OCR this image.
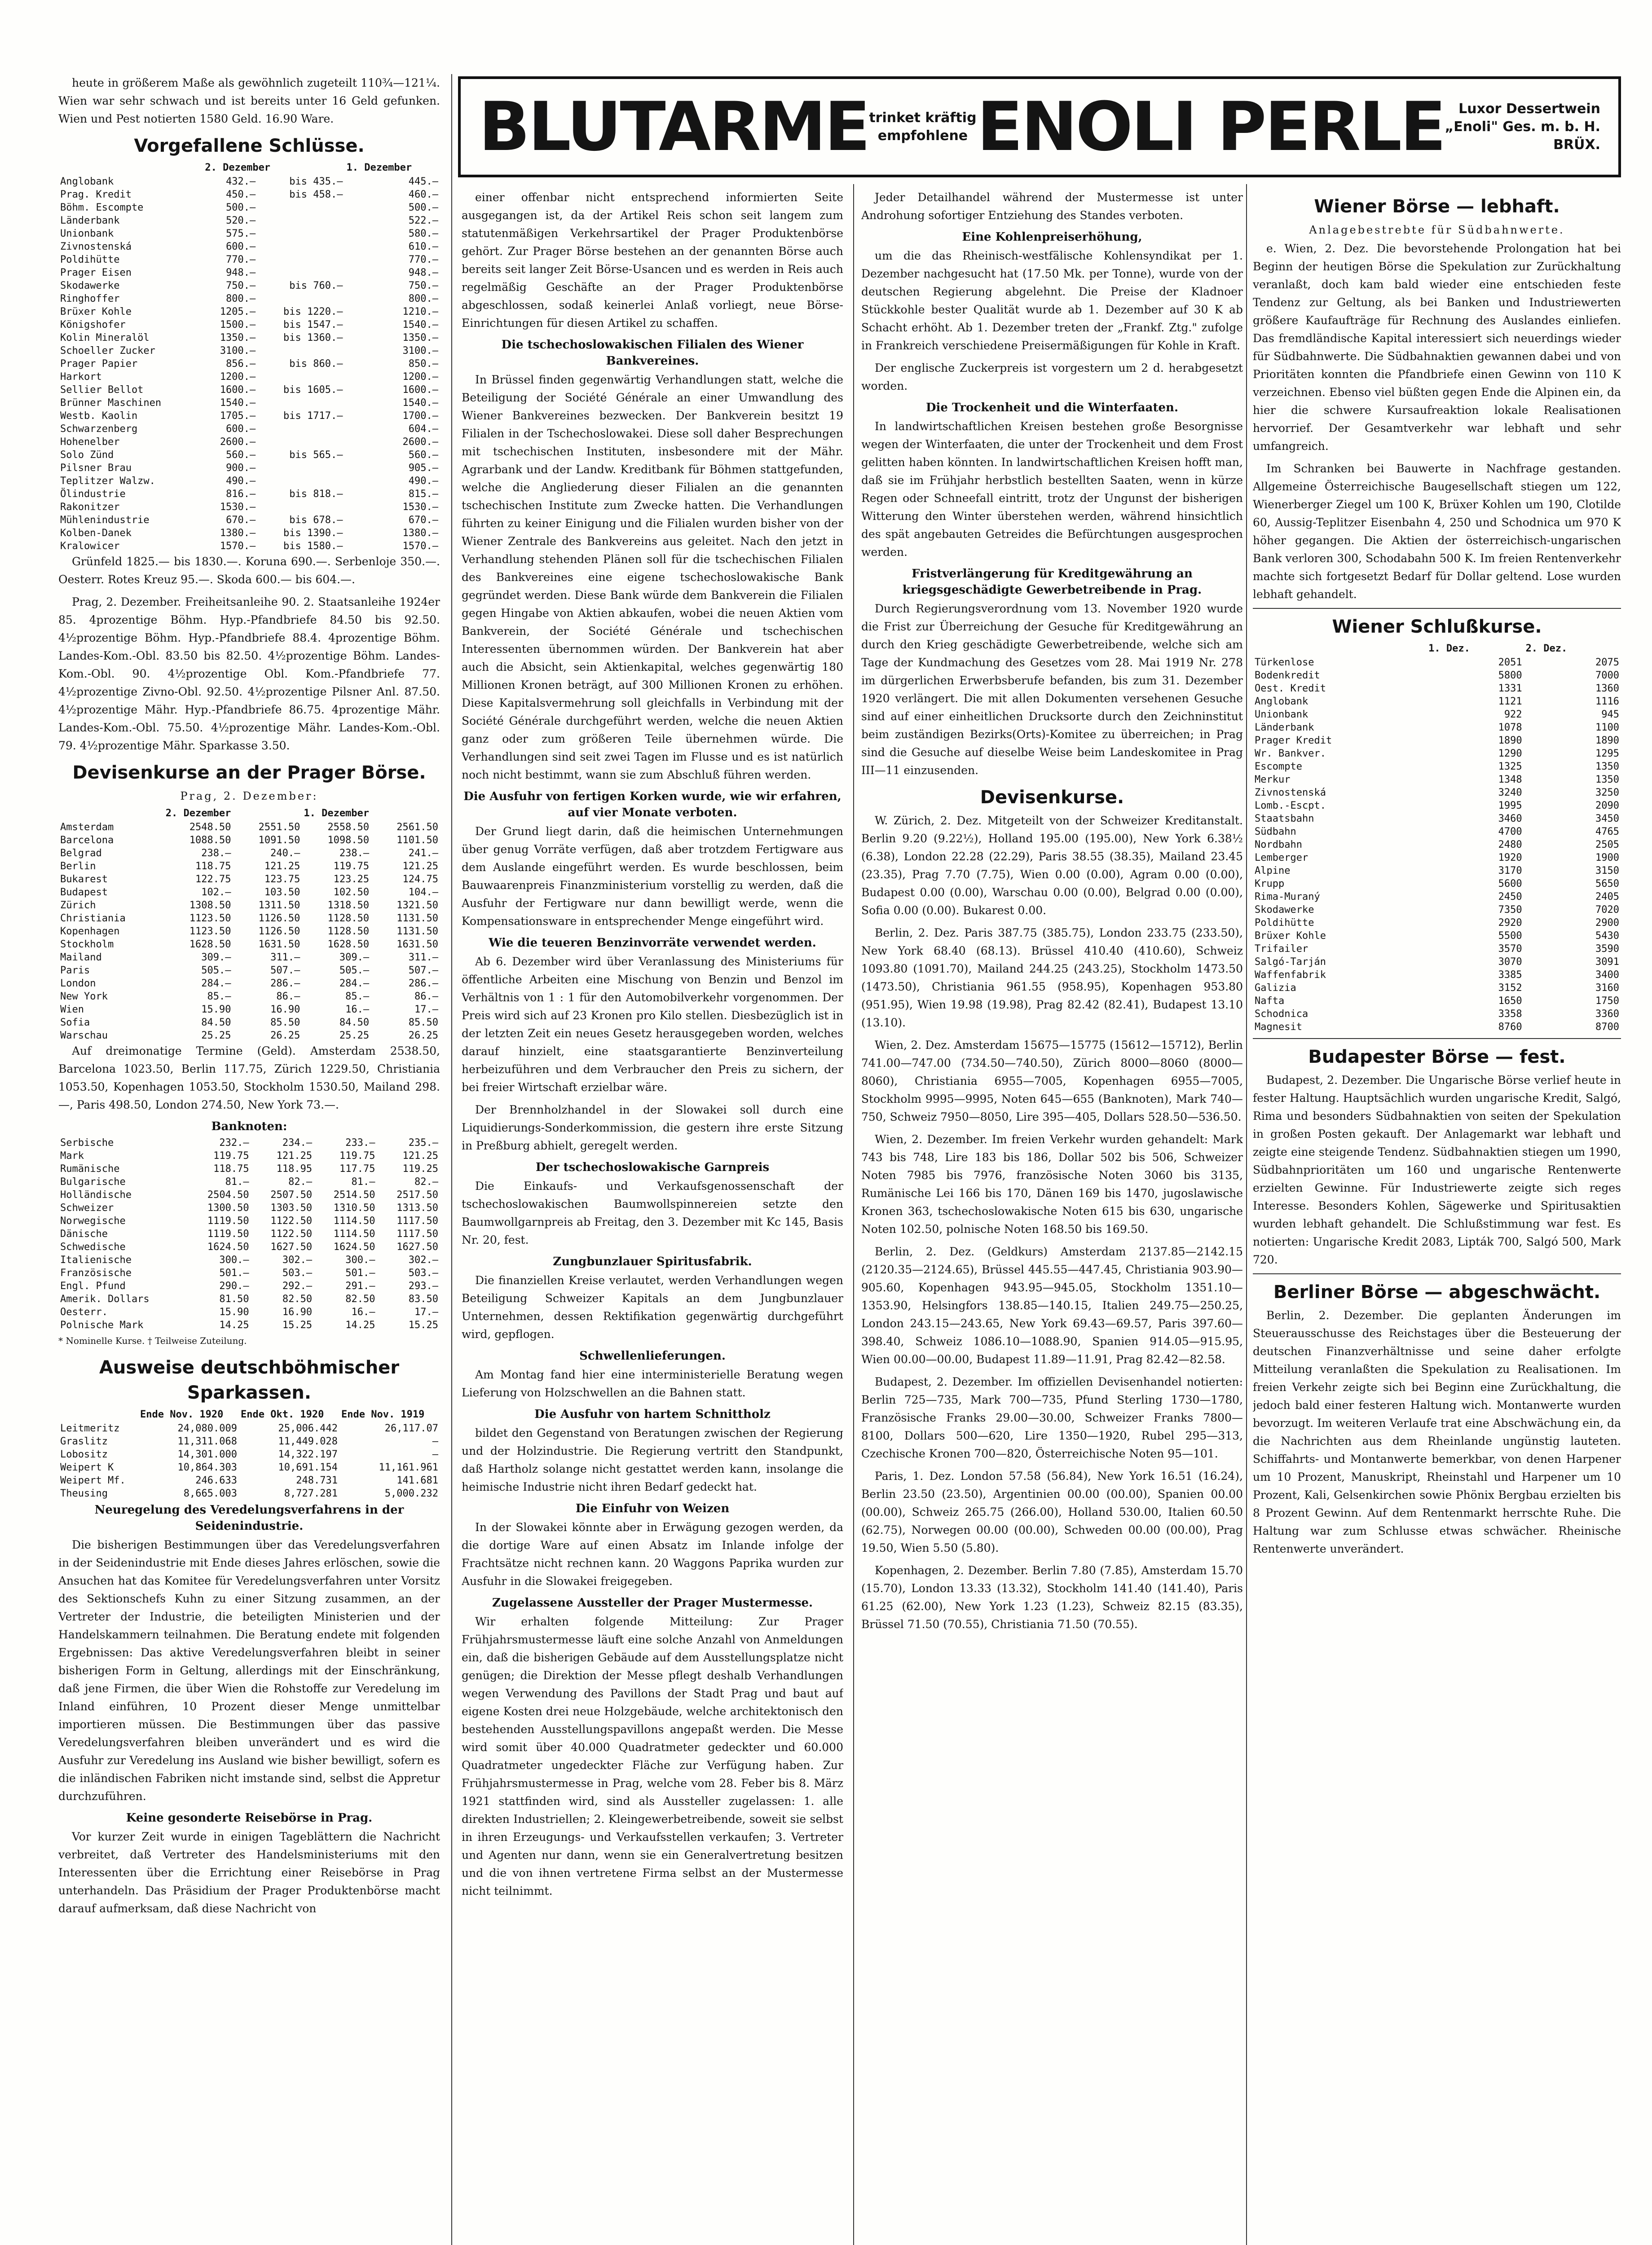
BLUTARME trinket kräftig
empfohlene ENOLI PERLE	Luxor Dessertwein
„Enoli" Ges. m. b. H.
BRÜX.

heute in größerem Maße als gewöhnlich zugeteilt 110¾—121¼. Wien war sehr schwach und ist bereits unter 16 Geld gefunken. Wien und Pest notierten 1580 Geld. 16.90 Ware.

Vorgefallene Schlüsse.
	2. Dezember		1. Dezember
Anglobank	432.—	bis 435.—	445.—
Prag. Kredit	450.—	bis 458.—	460.—
Böhm. Escompte	500.—		500.—
Länderbank	520.—		522.—
Unionbank	575.—		580.—
Zivnostenská	600.—		610.—
Poldihütte	770.—		770.—
Prager Eisen	948.—		948.—
Skodawerke	750.—	bis 760.—	750.—
Ringhoffer	800.—		800.—
Brüxer Kohle	1205.—	bis 1220.—	1210.—
Königshofer	1500.—	bis 1547.—	1540.—
Kolin Mineralöl	1350.—	bis 1360.—	1350.—
Schoeller Zucker	3100.—		3100.—
Prager Papier	856.—	bis 860.—	850.—
Harkort	1200.—		1200.—
Sellier Bellot	1600.—	bis 1605.—	1600.—
Brünner Maschinen	1540.—		1540.—
Westb. Kaolin	1705.—	bis 1717.—	1700.—
Schwarzenberg	600.—		604.—
Hohenelber	2600.—		2600.—
Solo Zünd	560.—	bis 565.—	560.—
Pilsner Brau	900.—		905.—
Teplitzer Walzw.	490.—		490.—
Ölindustrie	816.—	bis 818.—	815.—
Rakonitzer	1530.—		1530.—
Mühlenindustrie	670.—	bis 678.—	670.—
Kolben-Danek	1380.—	bis 1390.—	1380.—
Kralowicer	1570.—	bis 1580.—	1570.—

Grünfeld 1825.— bis 1830.—. Koruna 690.—. Serbenloje 350.—. Oesterr. Rotes Kreuz 95.—. Skoda 600.— bis 604.—.

Prag, 2. Dezember. Freiheitsanleihe 90. 2. Staatsanleihe 1924er 85. 4prozentige Böhm. Hyp.-Pfandbriefe 84.50 bis 92.50. 4½prozentige Böhm. Hyp.-Pfandbriefe 88.4. 4prozentige Böhm. Landes-Kom.-Obl. 83.50 bis 82.50. 4½prozentige Böhm. Landes-Kom.-Obl. 90. 4½prozentige Obl. Kom.-Pfandbriefe 77. 4½prozentige Zivno-Obl. 92.50. 4½prozentige Pilsner Anl. 87.50. 4½prozentige Mähr. Hyp.-Pfandbriefe 86.75. 4prozentige Mähr. Landes-Kom.-Obl. 75.50. 4½prozentige Mähr. Landes-Kom.-Obl. 79. 4½prozentige Mähr. Sparkasse 3.50.

Devisenkurse an der Prager Börse.
Prag, 2. Dezember:
	2. Dezember		1. Dezember	
Amsterdam	2548.50	2551.50	2558.50	2561.50
Barcelona	1088.50	1091.50	1098.50	1101.50
Belgrad	238.—	240.—	238.—	241.—
Berlin	118.75	121.25	119.75	121.25
Bukarest	122.75	123.75	123.25	124.75
Budapest	102.—	103.50	102.50	104.—
Zürich	1308.50	1311.50	1318.50	1321.50
Christiania	1123.50	1126.50	1128.50	1131.50
Kopenhagen	1123.50	1126.50	1128.50	1131.50
Stockholm	1628.50	1631.50	1628.50	1631.50
Mailand	309.—	311.—	309.—	311.—
Paris	505.—	507.—	505.—	507.—
London	284.—	286.—	284.—	286.—
New York	85.—	86.—	85.—	86.—
Wien	15.90	16.90	16.—	17.—
Sofia	84.50	85.50	84.50	85.50
Warschau	25.25	26.25	25.25	26.25

Auf dreimonatige Termine (Geld). Amsterdam 2538.50, Barcelona 1023.50, Berlin 117.75, Zürich 1229.50, Christiania 1053.50, Kopenhagen 1053.50, Stockholm 1530.50, Mailand 298.—, Paris 498.50, London 274.50, New York 73.—.

Banknoten:
Serbische	232.—	234.—	233.—	235.—
Mark	119.75	121.25	119.75	121.25
Rumänische	118.75	118.95	117.75	119.25
Bulgarische	81.—	82.—	81.—	82.—
Holländische	2504.50	2507.50	2514.50	2517.50
Schweizer	1300.50	1303.50	1310.50	1313.50
Norwegische	1119.50	1122.50	1114.50	1117.50
Dänische	1119.50	1122.50	1114.50	1117.50
Schwedische	1624.50	1627.50	1624.50	1627.50
Italienische	300.—	302.—	300.—	302.—
Französische	501.—	503.—	501.—	503.—
Engl. Pfund	290.—	292.—	291.—	293.—
Amerik. Dollars	81.50	82.50	82.50	83.50
Oesterr.	15.90	16.90	16.—	17.—
Polnische Mark	14.25	15.25	14.25	15.25
* Nominelle Kurse. † Teilweise Zuteilung.
Ausweise deutschböhmischer Sparkassen.
	Ende Nov. 1920	Ende Okt. 1920	Ende Nov. 1919
Leitmeritz	24,080.009	25,006.442	26,117.07
Graslitz	11,311.068	11,449.028	—
Lobositz	14,301.000	14,322.197	—
Weipert K	10,864.303	10,691.154	11,161.961
Weipert Mf.	246.633	248.731	141.681
Theusing	8,665.003	8,727.281	5,000.232
Neuregelung des Veredelungsverfahrens in der Seidenindustrie.

Die bisherigen Bestimmungen über das Veredelungsverfahren in der Seidenindustrie mit Ende dieses Jahres erlöschen, sowie die Ansuchen hat das Komitee für Veredelungsverfahren unter Vorsitz des Sektionschefs Kuhn zu einer Sitzung zusammen, an der Vertreter der Industrie, die beteiligten Ministerien und der Handelskammern teilnahmen. Die Beratung endete mit folgenden Ergebnissen: Das aktive Veredelungsverfahren bleibt in seiner bisherigen Form in Geltung, allerdings mit der Einschränkung, daß jene Firmen, die über Wien die Rohstoffe zur Veredelung im Inland einführen, 10 Prozent dieser Menge unmittelbar importieren müssen. Die Bestimmungen über das passive Veredelungsverfahren bleiben unverändert und es wird die Ausfuhr zur Veredelung ins Ausland wie bisher bewilligt, sofern es die inländischen Fabriken nicht imstande sind, selbst die Appretur durchzuführen.

Keine gesonderte Reisebörse in Prag.

Vor kurzer Zeit wurde in einigen Tageblättern die Nachricht verbreitet, daß Vertreter des Handelsministeriums mit den Interessenten über die Errichtung einer Reisebörse in Prag unterhandeln. Das Präsidium der Prager Produktenbörse macht darauf aufmerksam, daß diese Nachricht von

einer offenbar nicht entsprechend informierten Seite ausgegangen ist, da der Artikel Reis schon seit langem zum statutenmäßigen Verkehrsartikel der Prager Produktenbörse gehört. Zur Prager Börse bestehen an der genannten Börse auch bereits seit langer Zeit Börse-Usancen und es werden in Reis auch regelmäßig Geschäfte an der Prager Produktenbörse abgeschlossen, sodaß keinerlei Anlaß vorliegt, neue Börse-Einrichtungen für diesen Artikel zu schaffen.

Die tschechoslowakischen Filialen des Wiener Bankvereines.

In Brüssel finden gegenwärtig Verhandlungen statt, welche die Beteiligung der Société Générale an einer Umwandlung des Wiener Bankvereines bezwecken. Der Bankverein besitzt 19 Filialen in der Tschechoslowakei. Diese soll daher Besprechungen mit tschechischen Instituten, insbesondere mit der Mähr. Agrarbank und der Landw. Kreditbank für Böhmen stattgefunden, welche die Angliederung dieser Filialen an die genannten tschechischen Institute zum Zwecke hatten. Die Verhandlungen führten zu keiner Einigung und die Filialen wurden bisher von der Wiener Zentrale des Bankvereins aus geleitet. Nach den jetzt in Verhandlung stehenden Plänen soll für die tschechischen Filialen des Bankvereines eine eigene tschechoslowakische Bank gegründet werden. Diese Bank würde dem Bankverein die Filialen gegen Hingabe von Aktien abkaufen, wobei die neuen Aktien vom Bankverein, der Société Générale und tschechischen Interessenten übernommen würden. Der Bankverein hat aber auch die Absicht, sein Aktienkapital, welches gegenwärtig 180 Millionen Kronen beträgt, auf 300 Millionen Kronen zu erhöhen. Diese Kapitalsvermehrung soll gleichfalls in Verbindung mit der Société Générale durchgeführt werden, welche die neuen Aktien ganz oder zum größeren Teile übernehmen würde. Die Verhandlungen sind seit zwei Tagen im Flusse und es ist natürlich noch nicht bestimmt, wann sie zum Abschluß führen werden.

Die Ausfuhr von fertigen Korken wurde, wie wir erfahren, auf vier Monate verboten.

Der Grund liegt darin, daß die heimischen Unternehmungen über genug Vorräte verfügen, daß aber trotzdem Fertigware aus dem Auslande eingeführt werden. Es wurde beschlossen, beim Bauwaarenpreis Finanzministerium vorstellig zu werden, daß die Ausfuhr der Fertigware nur dann bewilligt werde, wenn die Kompensationsware in entsprechender Menge eingeführt wird.

Wie die teueren Benzinvorräte verwendet werden.

Ab 6. Dezember wird über Veranlassung des Ministeriums für öffentliche Arbeiten eine Mischung von Benzin und Benzol im Verhältnis von 1 : 1 für den Automobilverkehr vorgenommen. Der Preis wird sich auf 23 Kronen pro Kilo stellen. Diesbezüglich ist in der letzten Zeit ein neues Gesetz herausgegeben worden, welches darauf hinzielt, eine staatsgarantierte Benzinverteilung herbeizuführen und dem Verbraucher den Preis zu sichern, der bei freier Wirtschaft erzielbar wäre.

Der Brennholzhandel in der Slowakei soll durch eine Liquidierungs-Sonderkommission, die gestern ihre erste Sitzung in Preßburg abhielt, geregelt werden.

Der tschechoslowakische Garnpreis

Die Einkaufs- und Verkaufsgenossenschaft der tschechoslowakischen Baumwollspinnereien setzte den Baumwollgarnpreis ab Freitag, den 3. Dezember mit Kc 145, Basis Nr. 20, fest.

Zungbunzlauer Spiritusfabrik.

Die finanziellen Kreise verlautet, werden Verhandlungen wegen Beteiligung Schweizer Kapitals an dem Jungbunzlauer Unternehmen, dessen Rektifikation gegenwärtig durchgeführt wird, gepflogen.

Schwellenlieferungen.

Am Montag fand hier eine interministerielle Beratung wegen Lieferung von Holzschwellen an die Bahnen statt.

Die Ausfuhr von hartem Schnittholz

bildet den Gegenstand von Beratungen zwischen der Regierung und der Holzindustrie. Die Regierung vertritt den Standpunkt, daß Hartholz solange nicht gestattet werden kann, insolange die heimische Industrie nicht ihren Bedarf gedeckt hat.

Die Einfuhr von Weizen

In der Slowakei könnte aber in Erwägung gezogen werden, da die dortige Ware auf einen Absatz im Inlande infolge der Frachtsätze nicht rechnen kann. 20 Waggons Paprika wurden zur Ausfuhr in die Slowakei freigegeben.

Zugelassene Aussteller der Prager Mustermesse.

Wir erhalten folgende Mitteilung: Zur Prager Frühjahrsmustermesse läuft eine solche Anzahl von Anmeldungen ein, daß die bisherigen Gebäude auf dem Ausstellungsplatze nicht genügen; die Direktion der Messe pflegt deshalb Verhandlungen wegen Verwendung des Pavillons der Stadt Prag und baut auf eigene Kosten drei neue Holzgebäude, welche architektonisch den bestehenden Ausstellungspavillons angepaßt werden. Die Messe wird somit über 40.000 Quadratmeter gedeckter und 60.000 Quadratmeter ungedeckter Fläche zur Verfügung haben. Zur Frühjahrsmustermesse in Prag, welche vom 28. Feber bis 8. März 1921 stattfinden wird, sind als Aussteller zugelassen: 1. alle direkten Industriellen; 2. Kleingewerbetreibende, soweit sie selbst in ihren Erzeugungs- und Verkaufsstellen verkaufen; 3. Vertreter und Agenten nur dann, wenn sie ein Generalvertretung besitzen und die von ihnen vertretene Firma selbst an der Mustermesse nicht teilnimmt.

Jeder Detailhandel während der Mustermesse ist unter Androhung sofortiger Entziehung des Standes verboten.

Eine Kohlenpreiserhöhung,

um die das Rheinisch-westfälische Kohlensyndikat per 1. Dezember nachgesucht hat (17.50 Mk. per Tonne), wurde von der deutschen Regierung abgelehnt. Die Preise der Kladnoer Stückkohle bester Qualität wurde ab 1. Dezember auf 30 K ab Schacht erhöht. Ab 1. Dezember treten der „Frankf. Ztg." zufolge in Frankreich verschiedene Preisermäßigungen für Kohle in Kraft.

Der englische Zuckerpreis ist vorgestern um 2 d. herabgesetzt worden.

Die Trockenheit und die Winterfaaten.

In landwirtschaftlichen Kreisen bestehen große Besorgnisse wegen der Winterfaaten, die unter der Trockenheit und dem Frost gelitten haben könnten. In landwirtschaftlichen Kreisen hofft man, daß sie im Frühjahr herbstlich bestellten Saaten, wenn in kürze Regen oder Schneefall eintritt, trotz der Ungunst der bisherigen Witterung den Winter überstehen werden, während hinsichtlich des spät angebauten Getreides die Befürchtungen ausgesprochen werden.

Fristverlängerung für Kreditgewährung an kriegsgeschädigte Gewerbetreibende in Prag.

Durch Regierungsverordnung vom 13. November 1920 wurde die Frist zur Überreichung der Gesuche für Kreditgewährung an durch den Krieg geschädigte Gewerbetreibende, welche sich am Tage der Kundmachung des Gesetzes vom 28. Mai 1919 Nr. 278 im dürgerlichen Erwerbsberufe befanden, bis zum 31. Dezember 1920 verlängert. Die mit allen Dokumenten versehenen Gesuche sind auf einer einheitlichen Drucksorte durch den Zeichninstitut beim zuständigen Bezirks(Orts)-Komitee zu überreichen; in Prag sind die Gesuche auf dieselbe Weise beim Landeskomitee in Prag III—11 einzusenden.

Devisenkurse.

W. Zürich, 2. Dez. Mitgeteilt von der Schweizer Kreditanstalt. Berlin 9.20 (9.22½), Holland 195.00 (195.00), New York 6.38½ (6.38), London 22.28 (22.29), Paris 38.55 (38.35), Mailand 23.45 (23.35), Prag 7.70 (7.75), Wien 0.00 (0.00), Agram 0.00 (0.00), Budapest 0.00 (0.00), Warschau 0.00 (0.00), Belgrad 0.00 (0.00), Sofia 0.00 (0.00). Bukarest 0.00.

Berlin, 2. Dez. Paris 387.75 (385.75), London 233.75 (233.50), New York 68.40 (68.13). Brüssel 410.40 (410.60), Schweiz 1093.80 (1091.70), Mailand 244.25 (243.25), Stockholm 1473.50 (1473.50), Christiania 961.55 (958.95), Kopenhagen 953.80 (951.95), Wien 19.98 (19.98), Prag 82.42 (82.41), Budapest 13.10 (13.10).

Wien, 2. Dez. Amsterdam 15675—15775 (15612—15712), Berlin 741.00—747.00 (734.50—740.50), Zürich 8000—8060 (8000—8060), Christiania 6955—7005, Kopenhagen 6955—7005, Stockholm 9995—9995, Noten 645—655 (Banknoten), Mark 740—750, Schweiz 7950—8050, Lire 395—405, Dollars 528.50—536.50.

Wien, 2. Dezember. Im freien Verkehr wurden gehandelt: Mark 743 bis 748, Lire 183 bis 186, Dollar 502 bis 506, Schweizer Noten 7985 bis 7976, französische Noten 3060 bis 3135, Rumänische Lei 166 bis 170, Dänen 169 bis 1470, jugoslawische Kronen 363, tschechoslowakische Noten 615 bis 630, ungarische Noten 102.50, polnische Noten 168.50 bis 169.50.

Berlin, 2. Dez. (Geldkurs) Amsterdam 2137.85—2142.15 (2120.35—2124.65), Brüssel 445.55—447.45, Christiania 903.90—905.60, Kopenhagen 943.95—945.05, Stockholm 1351.10—1353.90, Helsingfors 138.85—140.15, Italien 249.75—250.25, London 243.15—243.65, New York 69.43—69.57, Paris 397.60—398.40, Schweiz 1086.10—1088.90, Spanien 914.05—915.95, Wien 00.00—00.00, Budapest 11.89—11.91, Prag 82.42—82.58.

Budapest, 2. Dezember. Im offiziellen Devisenhandel notierten: Berlin 725—735, Mark 700—735, Pfund Sterling 1730—1780, Französische Franks 29.00—30.00, Schweizer Franks 7800—8100, Dollars 500—620, Lire 1350—1920, Rubel 295—313, Czechische Kronen 700—820, Österreichische Noten 95—101.

Paris, 1. Dez. London 57.58 (56.84), New York 16.51 (16.24), Berlin 23.50 (23.50), Argentinien 00.00 (00.00), Spanien 00.00 (00.00), Schweiz 265.75 (266.00), Holland 530.00, Italien 60.50 (62.75), Norwegen 00.00 (00.00), Schweden 00.00 (00.00), Prag 19.50, Wien 5.50 (5.80).

Kopenhagen, 2. Dezember. Berlin 7.80 (7.85), Amsterdam 15.70 (15.70), London 13.33 (13.32), Stockholm 141.40 (141.40), Paris 61.25 (62.00), New York 1.23 (1.23), Schweiz 82.15 (83.35), Brüssel 71.50 (70.55), Christiania 71.50 (70.55).

Wiener Börse — lebhaft.
Anlagebestrebte für Südbahnwerte.

e. Wien, 2. Dez. Die bevorstehende Prolongation hat bei Beginn der heutigen Börse die Spekulation zur Zurückhaltung veranlaßt, doch kam bald wieder eine entschieden feste Tendenz zur Geltung, als bei Banken und Industriewerten größere Kaufaufträge für Rechnung des Auslandes einliefen. Das fremdländische Kapital interessiert sich neuerdings wieder für Südbahnwerte. Die Südbahnaktien gewannen dabei und von Prioritäten konnten die Pfandbriefe einen Gewinn von 110 K verzeichnen. Ebenso viel büßten gegen Ende die Alpinen ein, da hier die schwere Kursaufreaktion lokale Realisationen hervorrief. Der Gesamtverkehr war lebhaft und sehr umfangreich.

Im Schranken bei Bauwerte in Nachfrage gestanden. Allgemeine Österreichische Baugesellschaft stiegen um 122, Wienerberger Ziegel um 100 K, Brüxer Kohlen um 190, Clotilde 60, Aussig-Teplitzer Eisenbahn 4, 250 und Schodnica um 970 K höher gegangen. Die Aktien der österreichisch-ungarischen Bank verloren 300, Schodabahn 500 K. Im freien Rentenverkehr machte sich fortgesetzt Bedarf für Dollar geltend. Lose wurden lebhaft gehandelt.

Wiener Schlußkurse.
	1. Dez.	2. Dez.
Türkenlose	2051	2075
Bodenkredit	5800	7000
Oest. Kredit	1331	1360
Anglobank	1121	1116
Unionbank	922	945
Länderbank	1078	1100
Prager Kredit	1890	1890
Wr. Bankver.	1290	1295
Escompte	1325	1350
Merkur	1348	1350
Zivnostenská	3240	3250
Lomb.-Escpt.	1995	2090
Staatsbahn	3460	3450
Südbahn	4700	4765
Nordbahn	2480	2505
Lemberger	1920	1900
Alpine	3170	3150
Krupp	5600	5650
Rima-Muraný	2450	2405
Skodawerke	7350	7020
Poldihütte	2920	2900
Brüxer Kohle	5500	5430
Trifailer	3570	3590
Salgó-Tarján	3070	3091
Waffenfabrik	3385	3400
Galizia	3152	3160
Nafta	1650	1750
Schodnica	3358	3360
Magnesit	8760	8700
Budapester Börse — fest.

Budapest, 2. Dezember. Die Ungarische Börse verlief heute in fester Haltung. Hauptsächlich wurden ungarische Kredit, Salgó, Rima und besonders Südbahnaktien von seiten der Spekulation in großen Posten gekauft. Der Anlagemarkt war lebhaft und zeigte eine steigende Tendenz. Südbahnaktien stiegen um 1990, Südbahnprioritäten um 160 und ungarische Rentenwerte erzielten Gewinne. Für Industriewerte zeigte sich reges Interesse. Besonders Kohlen, Sägewerke und Spiritusaktien wurden lebhaft gehandelt. Die Schlußstimmung war fest. Es notierten: Ungarische Kredit 2083, Lipták 700, Salgó 500, Mark 720.

Berliner Börse — abgeschwächt.

Berlin, 2. Dezember. Die geplanten Änderungen im Steuerausschusse des Reichstages über die Besteuerung der deutschen Finanzverhältnisse und seine daher erfolgte Mitteilung veranlaßten die Spekulation zu Realisationen. Im freien Verkehr zeigte sich bei Beginn eine Zurückhaltung, die jedoch bald einer festeren Haltung wich. Montanwerte wurden bevorzugt. Im weiteren Verlaufe trat eine Abschwächung ein, da die Nachrichten aus dem Rheinlande ungünstig lauteten. Schiffahrts- und Montanwerte bemerkbar, von denen Harpener um 10 Prozent, Manuskript, Rheinstahl und Harpener um 10 Prozent, Kali, Gelsenkirchen sowie Phönix Bergbau erzielten bis 8 Prozent Gewinn. Auf dem Rentenmarkt herrschte Ruhe. Die Haltung war zum Schlusse etwas schwächer. Rheinische Rentenwerte unverändert.
